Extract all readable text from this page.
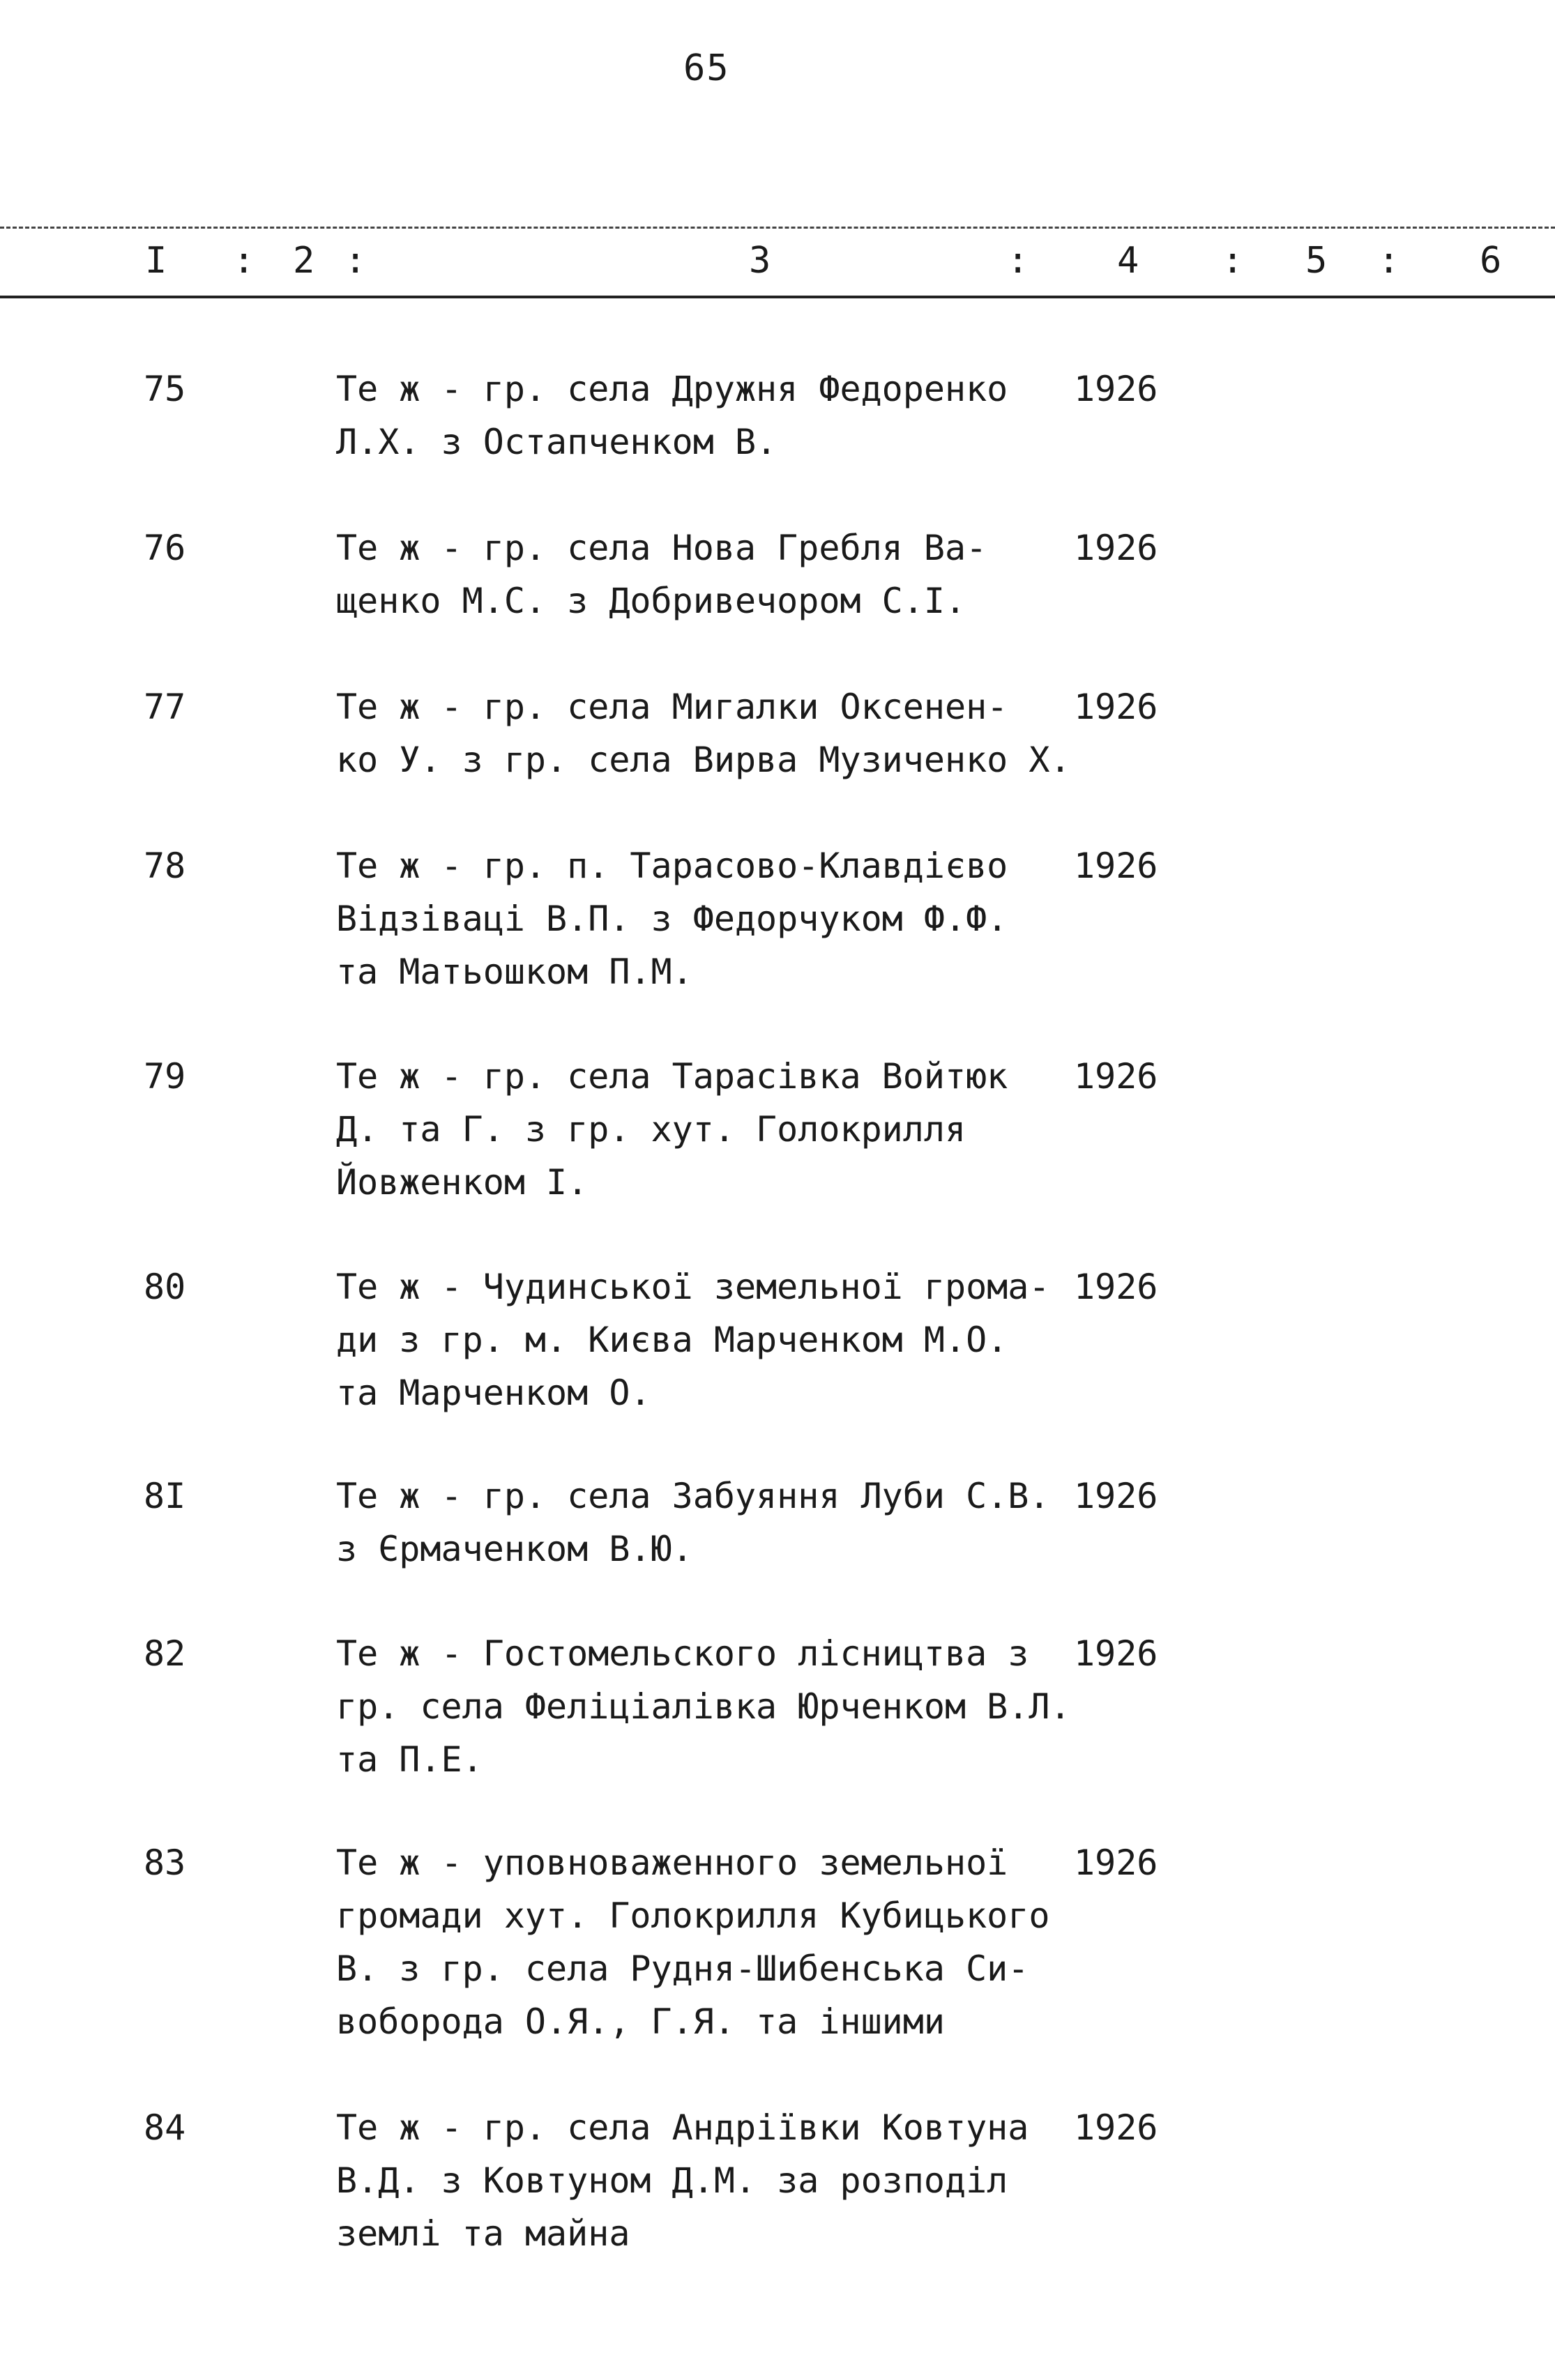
65
I : 2 :	3	: 4 : 5 : 6
75	Те ж - гр. села Дружня Федоренко
Л.Х. з Остапченком В.
1926
76	Те ж - гр. села Нова Гребля Ва-
щенко М.С. з Добривечором С.І.
1926
77	Те ж - гр. села Мигалки Оксенен-
ко У. з гр. села Вирва Музиченко Х.
1926
78	Те ж - гр. п. Тарасово-Клавдієво
Відзіваці В.П. з Федорчуком Ф.Ф.
та Матьошком П.М.
1926
79	Те ж - гр. села Тарасівка Войтюк
Д. та Г. з гр. хут. Голокрилля
Йовженком І.
1926
80	Те ж - Чудинської земельної грома-
ди з гр. м. Києва Марченком М.О.
та Марченком О.
1926
8I	Те ж - гр. села Забуяння Луби С.В.
з Єрмаченком В.Ю.
1926
82	Те ж - Гостомельского лісництва з
гр. села Феліціалівка Юрченком В.Л.
та П.Е.
1926
83	Те ж - уповноваженного земельної
громади хут. Голокрилля Кубицького
В. з гр. села Рудня-Шибенська Си-
воборода О.Я., Г.Я. та іншими
1926
84	Те ж - гр. села Андріївки Ковтуна
В.Д. з Ковтуном Д.М. за розподіл
землі та майна
1926
